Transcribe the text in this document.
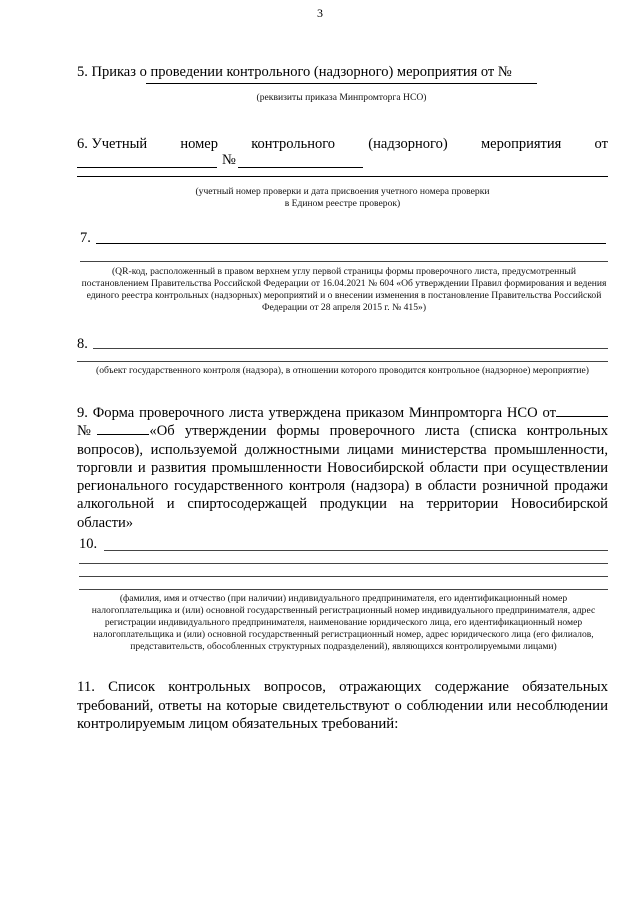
3
5. Приказ о проведении контрольного (надзорного) мероприятия от №
(реквизиты приказа Минпромторга НСО)
6. Учетный номер контрольного (надзорного) мероприятия от
№
(учетный номер проверки и дата присвоения учетного номера проверки
в Едином реестре проверок)
7.
(QR-код, расположенный в правом верхнем углу первой страницы формы проверочного листа, предусмотренный постановлением Правительства Российской Федерации от 16.04.2021 № 604 «Об утверждении Правил формирования и ведения единого реестра контрольных (надзорных) мероприятий и о внесении изменения в постановление Правительства Российской Федерации от 28 апреля 2015 г. № 415»)
8.
(объект государственного контроля (надзора), в отношении которого проводится контрольное (надзорное) мероприятие)
9. Форма проверочного листа утверждена приказом Минпромторга НСО от№	«Об утверждении формы проверочного листа (списка контрольных вопросов), используемой должностными лицами министерства промышленности, торговли и развития промышленности Новосибирской области при осуществлении регионального государственного контроля (надзора) в области розничной продажи алкогольной и спиртосодержащей продукции на территории Новосибирской области»
10.
(фамилия, имя и отчество (при наличии) индивидуального предпринимателя, его идентификационный номер налогоплательщика и (или) основной государственный регистрационный номер индивидуального предпринимателя, адрес регистрации индивидуального предпринимателя, наименование юридического лица, его идентификационный номер налогоплательщика и (или) основной государственный регистрационный номер, адрес юридического лица (его филиалов, представительств, обособленных структурных подразделений), являющихся контролируемыми лицами)
11. Список контрольных вопросов, отражающих содержание обязательных требований, ответы на которые свидетельствуют о соблюдении или несоблюдении контролируемым лицом обязательных требований:
